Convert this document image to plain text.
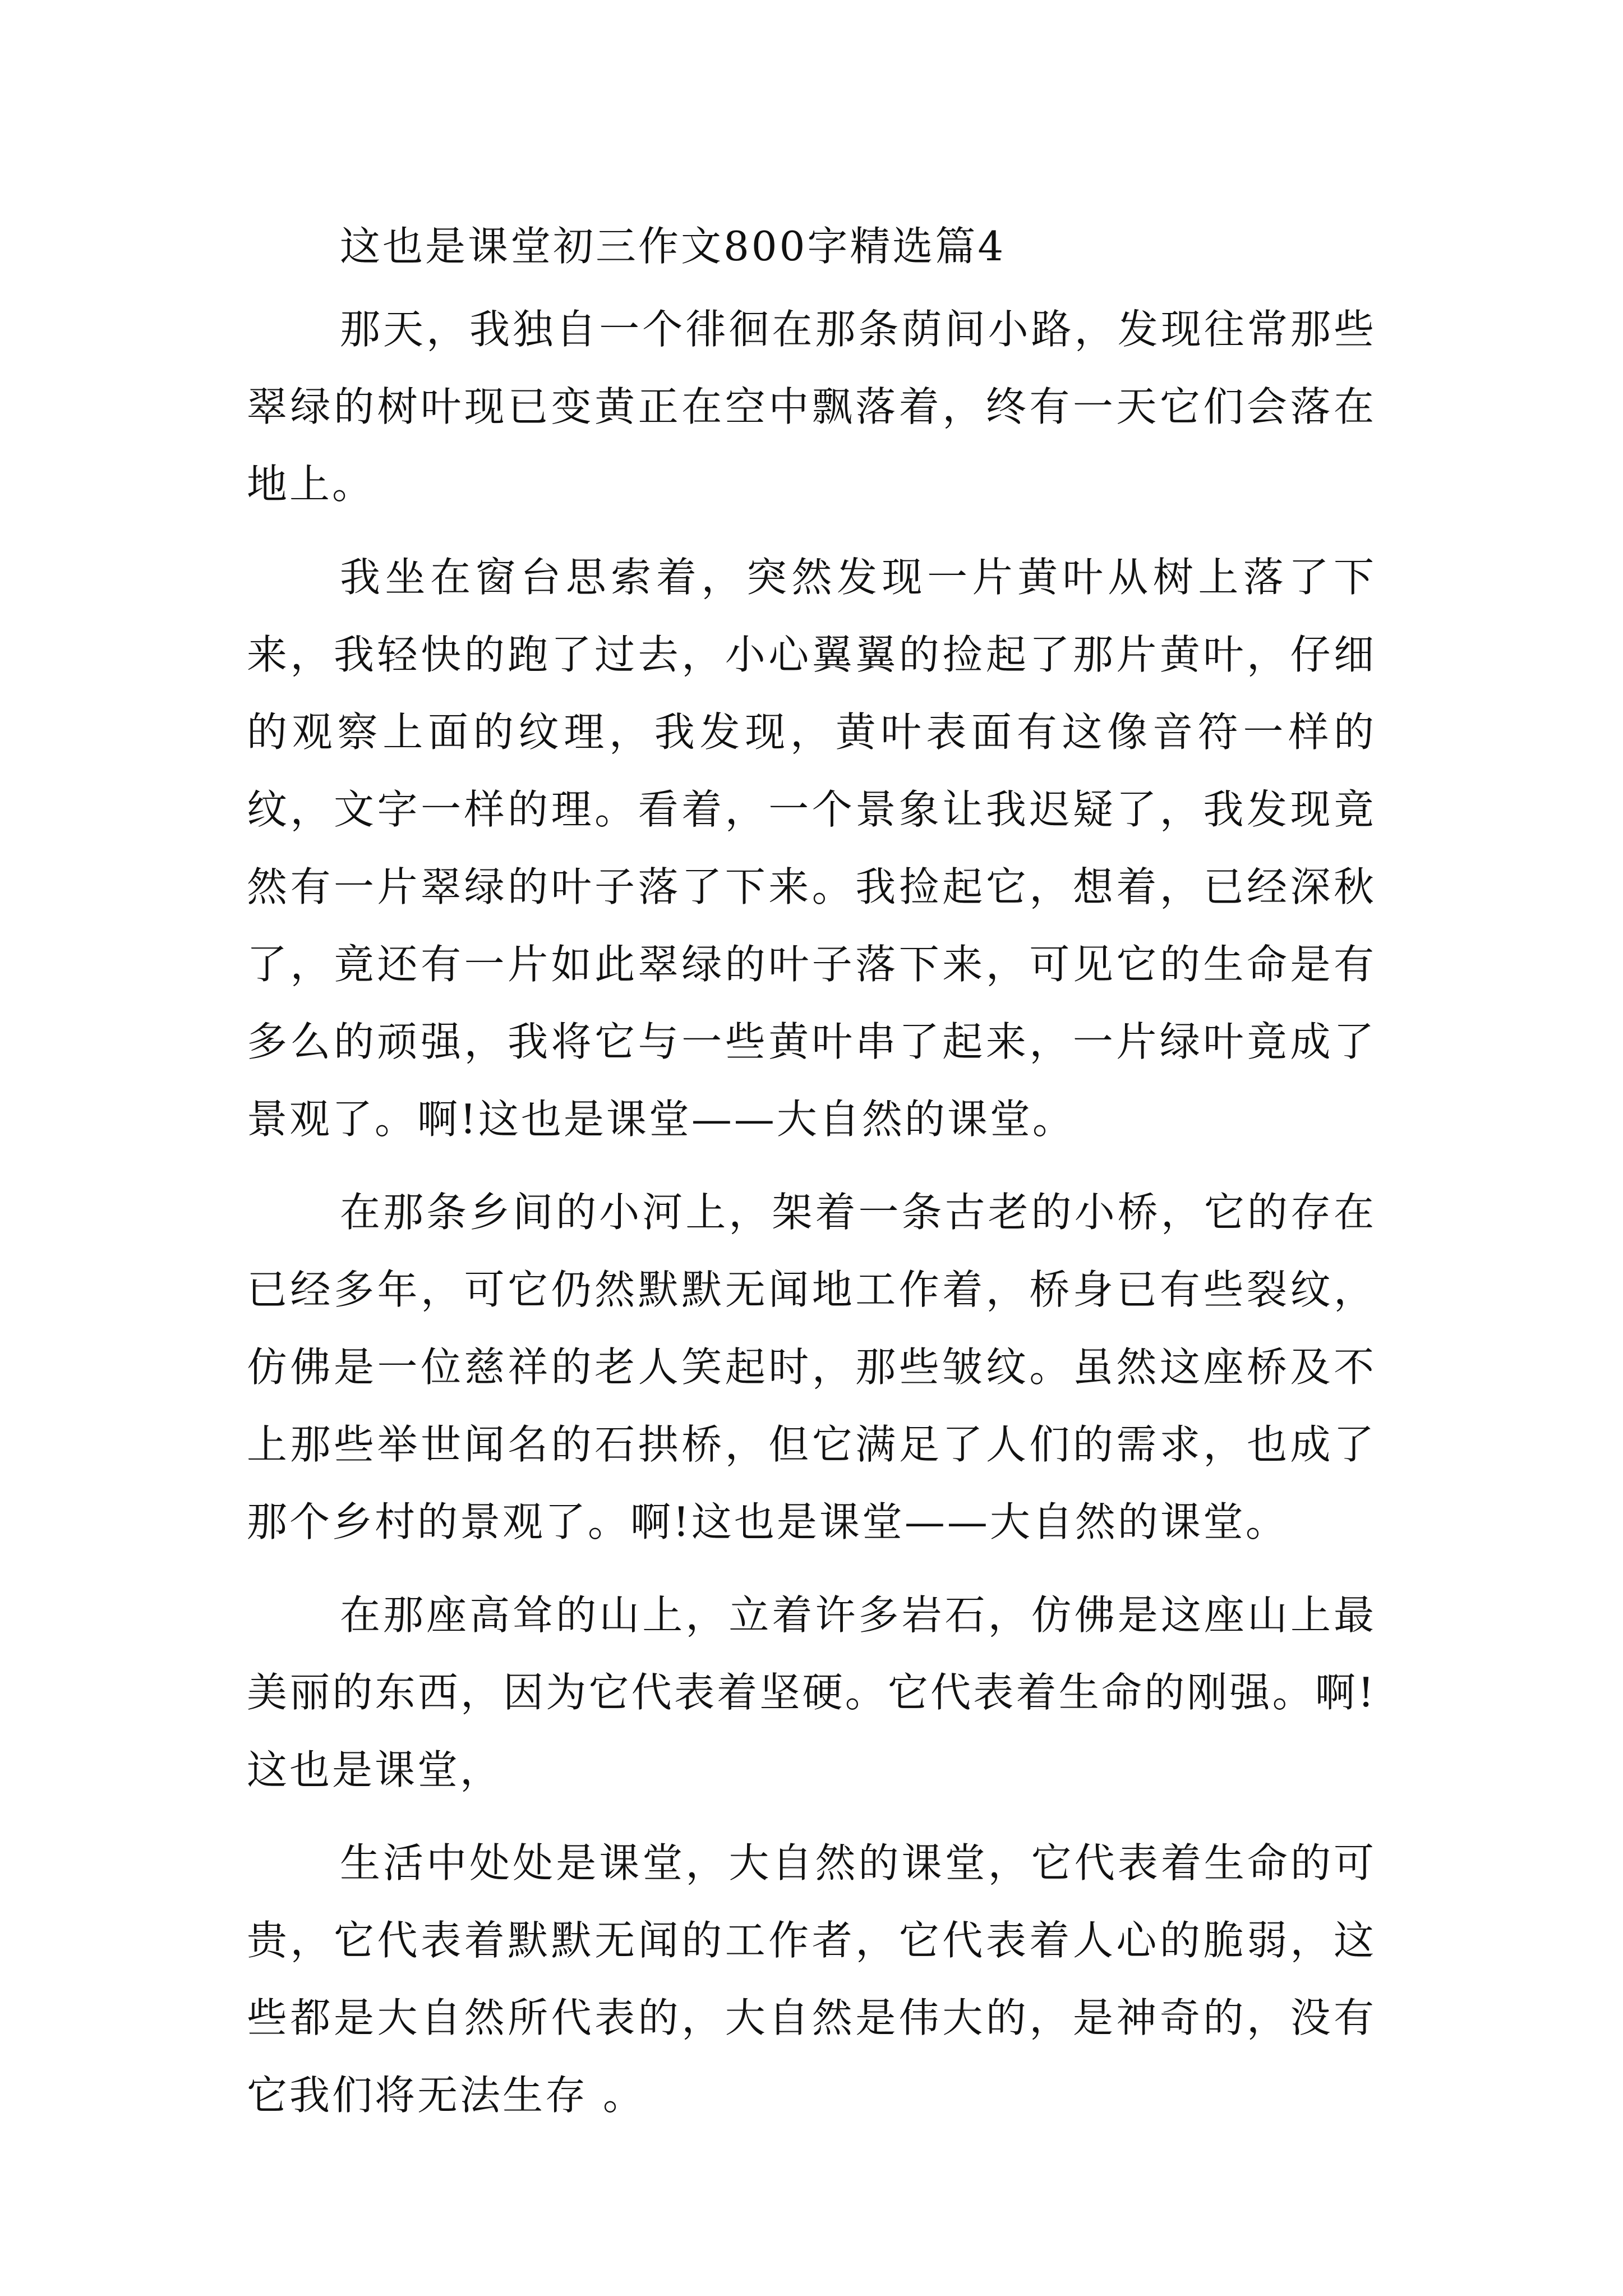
这也是课堂初三作文800字精选篇4

那天，我独自一个徘徊在那条荫间小路，发现往常那些翠绿的树叶现已变黄正在空中飘落着，终有一天它们会落在地上。

我坐在窗台思索着，突然发现一片黄叶从树上落了下来，我轻快的跑了过去，小心翼翼的捡起了那片黄叶，仔细的观察上面的纹理，我发现，黄叶表面有这像音符一样的纹，文字一样的理。看着，一个景象让我迟疑了，我发现竟然有一片翠绿的叶子落了下来。我捡起它，想着，已经深秋了，竟还有一片如此翠绿的叶子落下来，可见它的生命是有多么的顽强，我将它与一些黄叶串了起来，一片绿叶竟成了景观了。啊!这也是课堂——大自然的课堂。

在那条乡间的小河上，架着一条古老的小桥，它的存在已经多年，可它仍然默默无闻地工作着，桥身已有些裂纹，仿佛是一位慈祥的老人笑起时，那些皱纹。虽然这座桥及不上那些举世闻名的石拱桥，但它满足了人们的需求，也成了那个乡村的景观了。啊!这也是课堂——大自然的课堂。

在那座高耸的山上，立着许多岩石，仿佛是这座山上最美丽的东西，因为它代表着坚硬。它代表着生命的刚强。啊!这也是课堂，

生活中处处是课堂，大自然的课堂，它代表着生命的可贵，它代表着默默无闻的工作者，它代表着人心的脆弱，这些都是大自然所代表的，大自然是伟大的，是神奇的，没有它我们将无法生存 。
